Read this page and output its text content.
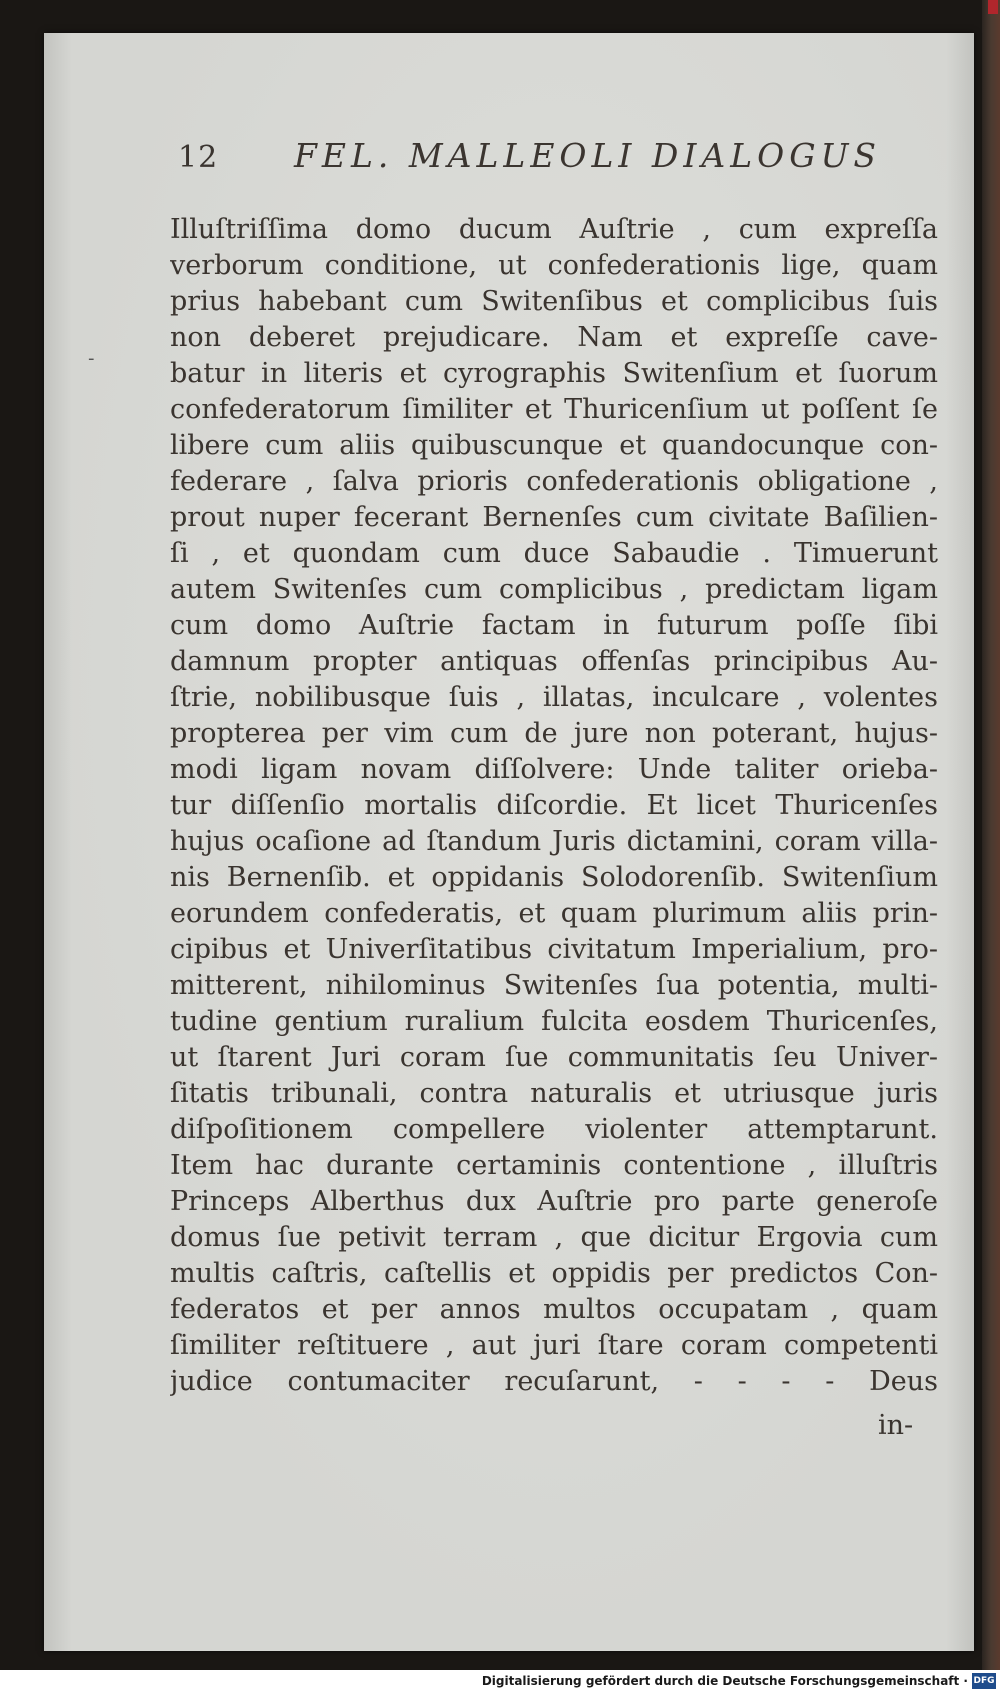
12 FEL. MALLEOLI DIALOGUS
-
Illuſtriſſima domo ducum Auſtrie , cum expreſſa
verborum conditione, ut confederationis lige, quam
prius habebant cum Switenſibus et complicibus ſuis
non deberet prejudicare. Nam et expreſſe cave-
batur in literis et cyrographis Switenſium et ſuorum
confederatorum ſimiliter et Thuricenſium ut poſſent ſe
libere cum aliis quibuscunque et quandocunque con-
federare , ſalva prioris confederationis obligatione ,
prout nuper fecerant Bernenſes cum civitate Baſilien-
ſi , et quondam cum duce Sabaudie . Timuerunt
autem Switenſes cum complicibus , predictam ligam
cum domo Auſtrie factam in futurum poſſe ſibi
damnum propter antiquas offenſas principibus Au-
ſtrie, nobilibusque ſuis , illatas, inculcare , volentes
propterea per vim cum de jure non poterant, hujus-
modi ligam novam diſſolvere: Unde taliter orieba-
tur diſſenſio mortalis diſcordie. Et licet Thuricenſes
hujus ocaſione ad ſtandum Juris dictamini, coram villa-
nis Bernenſib. et oppidanis Solodorenſib. Switenſium
eorundem confederatis, et quam plurimum aliis prin-
cipibus et Univerſitatibus civitatum Imperialium, pro-
mitterent, nihilominus Switenſes ſua potentia, multi-
tudine gentium ruralium fulcita eosdem Thuricenſes,
ut ſtarent Juri coram ſue communitatis ſeu Univer-
ſitatis tribunali, contra naturalis et utriusque juris
diſpoſitionem compellere violenter attemptarunt.
Item hac durante certaminis contentione , illuſtris
Princeps Alberthus dux Auſtrie pro parte generoſe
domus ſue petivit terram , que dicitur Ergovia cum
multis caſtris, caſtellis et oppidis per predictos Con-
federatos et per annos multos occupatam , quam
ſimiliter reſtituere , aut juri ſtare coram competenti
judice contumaciter recuſarunt, - - - - Deus
in-
Digitalisierung gefördert durch die Deutsche Forschungsgemeinschaft · DFG
